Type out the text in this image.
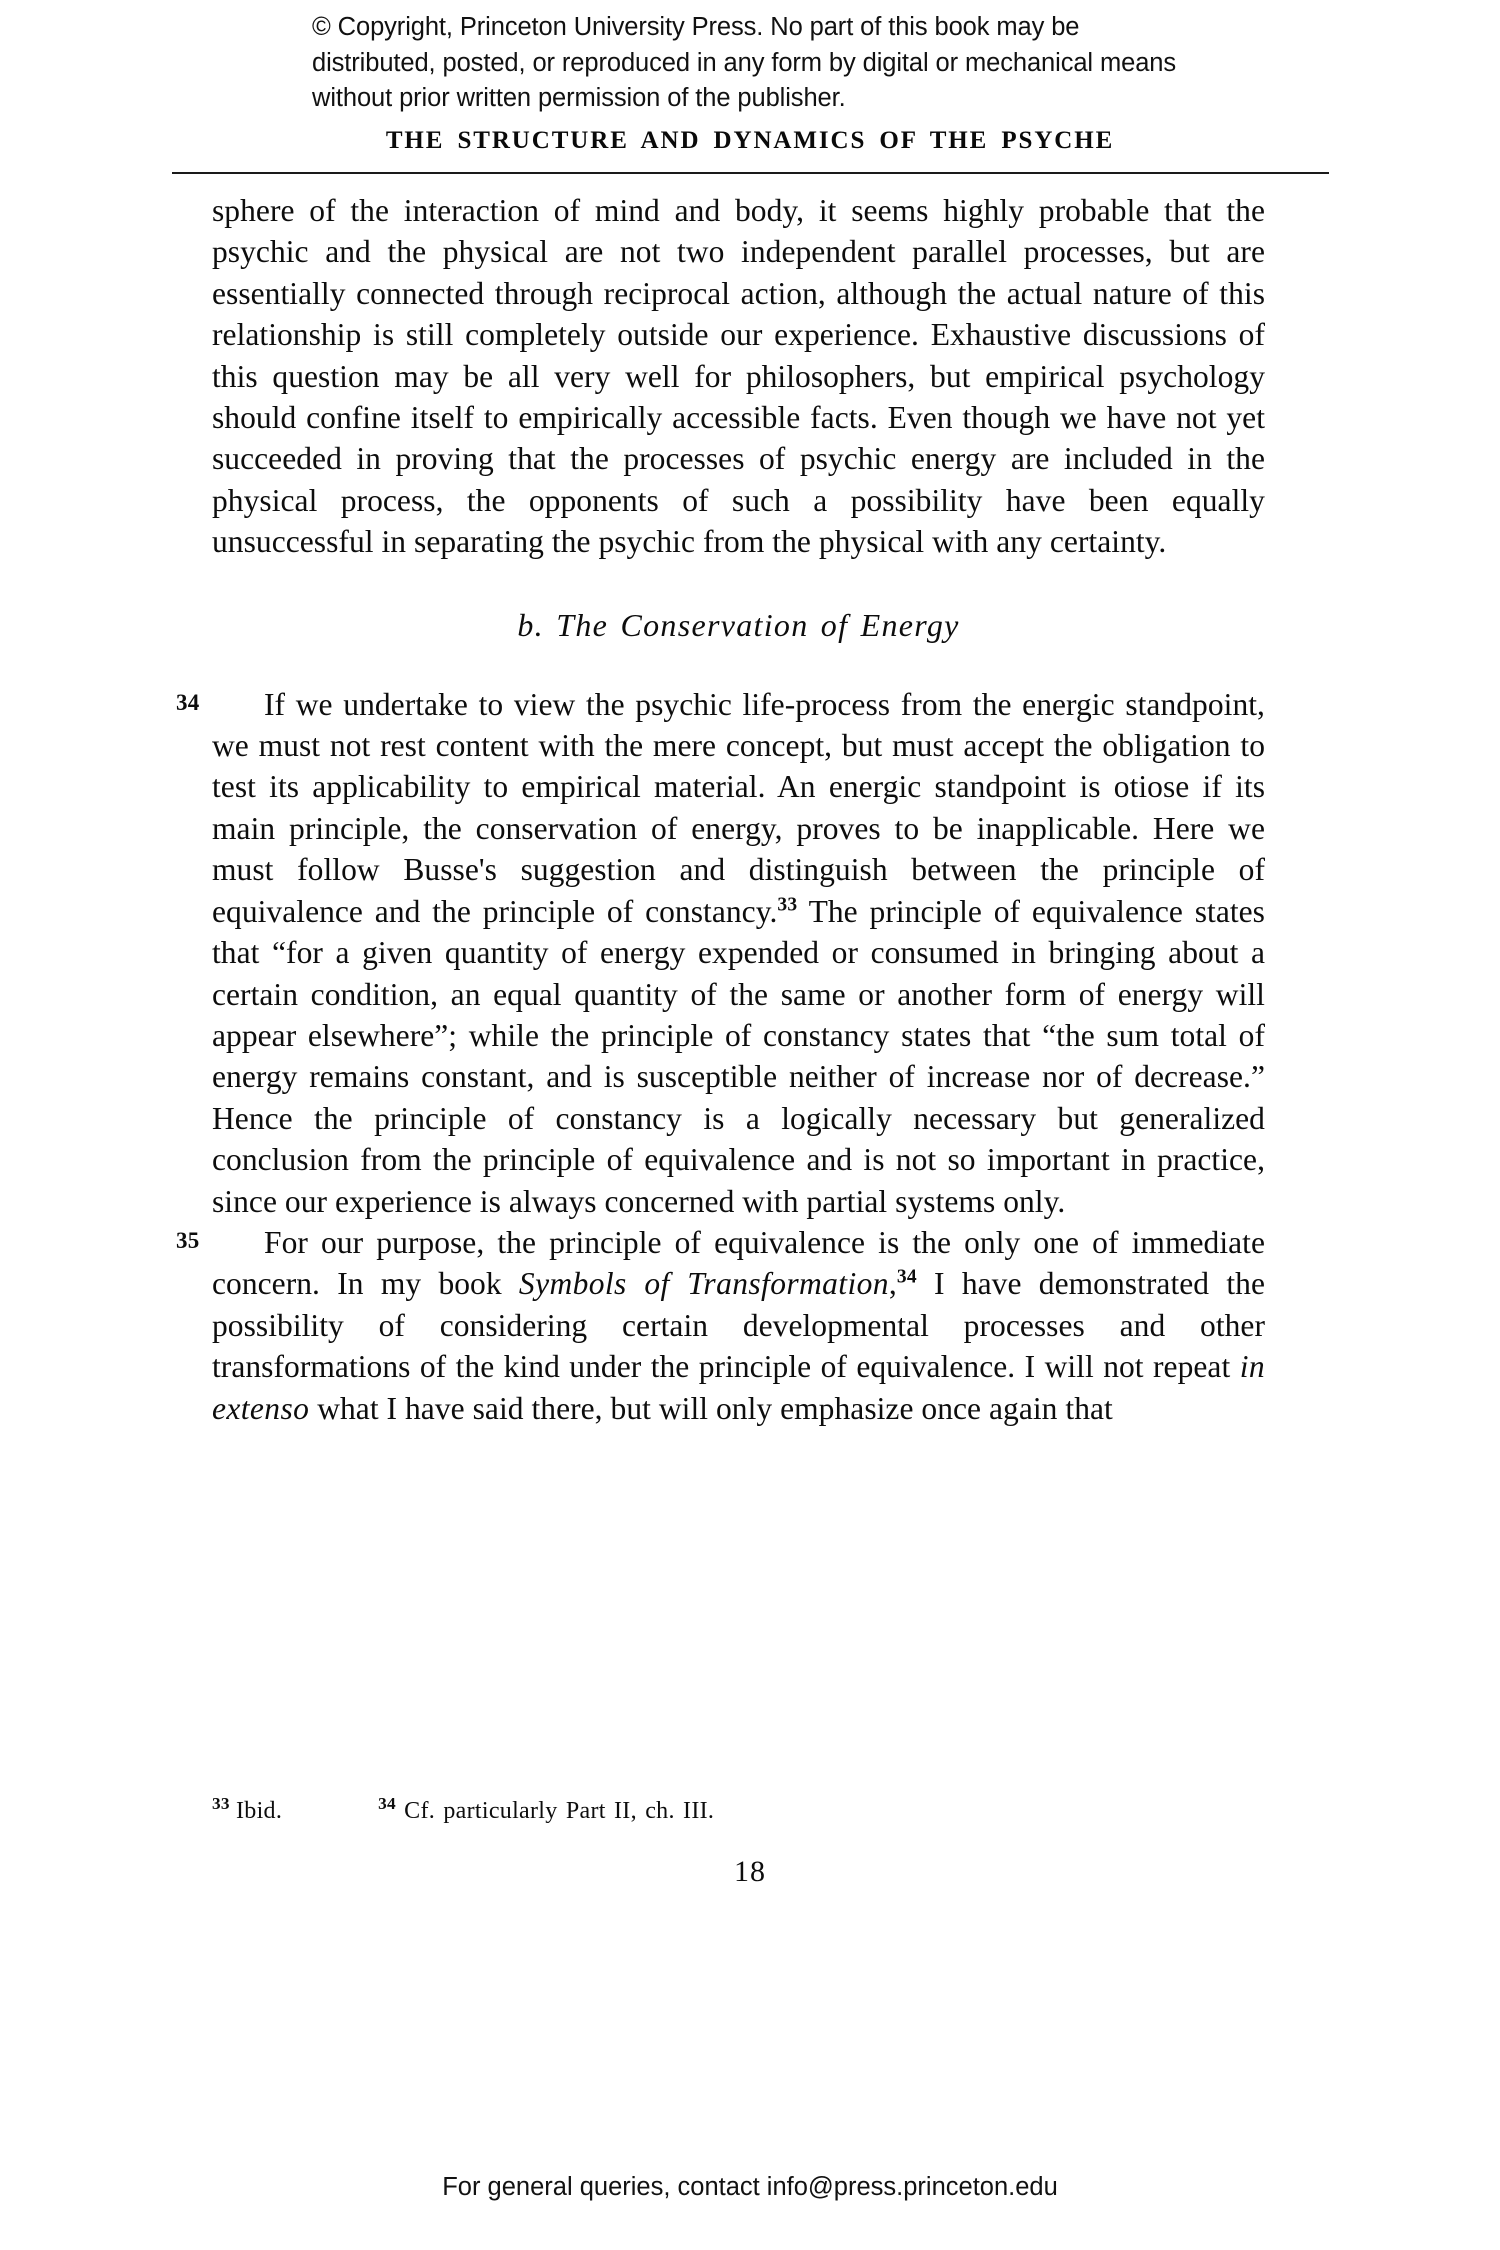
© Copyright, Princeton University Press. No part of this book may be distributed, posted, or reproduced in any form by digital or mechanical means without prior written permission of the publisher.
THE STRUCTURE AND DYNAMICS OF THE PSYCHE

sphere of the interaction of mind and body, it seems highly probable that the psychic and the physical are not two independent parallel processes, but are essentially connected through reciprocal action, although the actual nature of this relationship is still completely outside our experience. Exhaustive discussions of this question may be all very well for philosophers, but empirical psychology should confine itself to empirically accessible facts. Even though we have not yet succeeded in proving that the processes of psychic energy are included in the physical process, the opponents of such a possibility have been equally unsuccessful in separating the psychic from the physical with any certainty.

b. The Conservation of Energy
34	If we undertake to view the psychic life-process from the energic standpoint, we must not rest content with the mere concept, but must accept the obligation to test its applicability to empirical material. An energic standpoint is otiose if its main principle, the conservation of energy, proves to be inapplicable. Here we must follow Busse's suggestion and distinguish between the principle of equivalence and the principle of constancy.$^{33}$ The principle of equivalence states that “for a given quantity of energy expended or consumed in bringing about a certain condition, an equal quantity of the same or another form of energy will appear elsewhere”; while the principle of constancy states that “the sum total of energy remains constant, and is susceptible neither of increase nor of decrease.” Hence the principle of constancy is a logically necessary but generalized conclusion from the principle of equivalence and is not so important in practice, since our experience is always concerned with partial systems only.

35	For our purpose, the principle of equivalence is the only one of immediate concern. In my book Symbols of Transformation,$^{34}$ I have demonstrated the possibility of considering certain developmental processes and other transformations of the kind under the principle of equivalence. I will not repeat in extenso what I have said there, but will only emphasize once again that

$^{33}$ Ibid.	$^{34}$ Cf. particularly Part II, ch. III.
18
For general queries, contact info@press.princeton.edu
